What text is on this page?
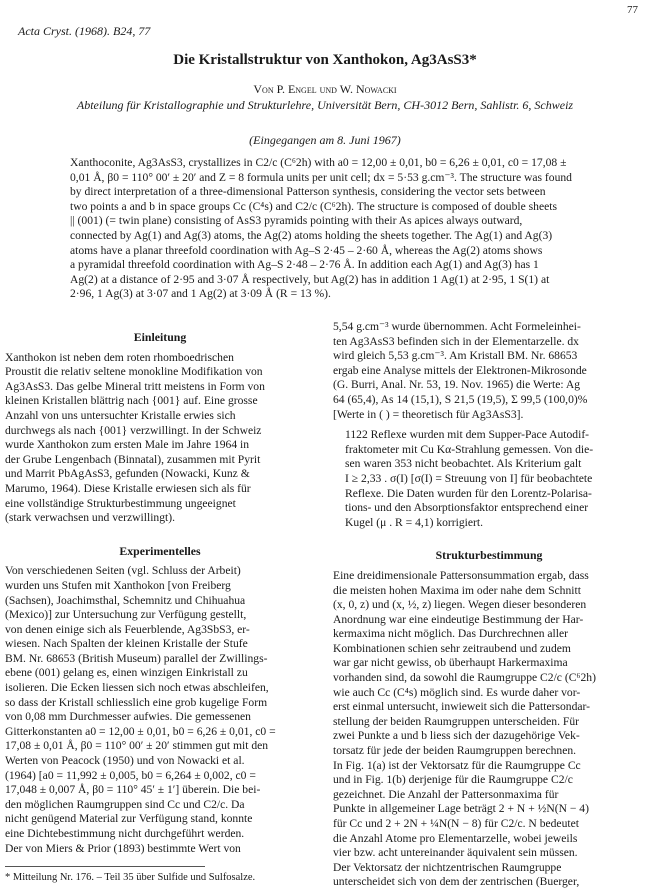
77
Acta Cryst. (1968). B24, 77
Die Kristallstruktur von Xanthokon, Ag3AsS3*
Von P. Engel und W. Nowacki
Abteilung für Kristallographie und Strukturlehre, Universität Bern, CH-3012 Bern, Sahlistr. 6, Schweiz
(Eingegangen am 8. Juni 1967)
Xanthoconite, Ag3AsS3, crystallizes in C2/c (C⁶2h) with a0 = 12,00 ± 0,01, b0 = 6,26 ± 0,01, c0 = 17,08 ±
0,01 Å, β0 = 110° 00′ ± 20′ and Z = 8 formula units per unit cell; dx = 5·53 g.cm⁻³. The structure was found
by direct interpretation of a three-dimensional Patterson synthesis, considering the vector sets between
two points a and b in space groups Cc (C⁴s) and C2/c (C⁶2h). The structure is composed of double sheets
|| (001) (= twin plane) consisting of AsS3 pyramids pointing with their As apices always outward,
connected by Ag(1) and Ag(3) atoms, the Ag(2) atoms holding the sheets together. The Ag(1) and Ag(3)
atoms have a planar threefold coordination with Ag–S 2·45 – 2·60 Å, whereas the Ag(2) atoms shows
a pyramidal threefold coordination with Ag–S 2·48 – 2·76 Å. In addition each Ag(1) and Ag(3) has 1
Ag(2) at a distance of 2·95 and 3·07 Å respectively, but Ag(2) has in addition 1 Ag(1) at 2·95, 1 S(1) at
2·96, 1 Ag(3) at 3·07 and 1 Ag(2) at 3·09 Å (R = 13 %).
Einleitung
Xanthokon ist neben dem roten rhomboedrischen
Proustit die relativ seltene monokline Modifikation von
Ag3AsS3. Das gelbe Mineral tritt meistens in Form von
kleinen Kristallen blättrig nach {001} auf. Eine grosse
Anzahl von uns untersuchter Kristalle erwies sich
durchwegs als nach {001} verzwillingt. In der Schweiz
wurde Xanthokon zum ersten Male im Jahre 1964 in
der Grube Lengenbach (Binnatal), zusammen mit Pyrit
und Marrit PbAgAsS3, gefunden (Nowacki, Kunz &
Marumo, 1964). Diese Kristalle erwiesen sich als für
eine vollständige Strukturbestimmung ungeeignet
(stark verwachsen und verzwillingt).
Experimentelles
Von verschiedenen Seiten (vgl. Schluss der Arbeit)
wurden uns Stufen mit Xanthokon [von Freiberg
(Sachsen), Joachimsthal, Schemnitz und Chihuahua
(Mexico)] zur Untersuchung zur Verfügung gestellt,
von denen einige sich als Feuerblende, Ag3SbS3, er-
wiesen. Nach Spalten der kleinen Kristalle der Stufe
BM. Nr. 68653 (British Museum) parallel der Zwillings-
ebene (001) gelang es, einen winzigen Einkristall zu
isolieren. Die Ecken liessen sich noch etwas abschleifen,
so dass der Kristall schliesslich eine grob kugelige Form
von 0,08 mm Durchmesser aufwies. Die gemessenen
Gitterkonstanten a0 = 12,00 ± 0,01, b0 = 6,26 ± 0,01, c0 =
17,08 ± 0,01 Å, β0 = 110° 00′ ± 20′ stimmen gut mit den
Werten von Peacock (1950) und von Nowacki et al.
(1964) [a0 = 11,992 ± 0,005, b0 = 6,264 ± 0,002, c0 =
17,048 ± 0,007 Å, β0 = 110° 45′ ± 1′] überein. Die bei-
den möglichen Raumgruppen sind Cc und C2/c. Da
nicht genügend Material zur Verfügung stand, konnte
eine Dichtebestimmung nicht durchgeführt werden.
Der von Miers & Prior (1893) bestimmte Wert von
5,54 g.cm⁻³ wurde übernommen. Acht Formeleinhei-
ten Ag3AsS3 befinden sich in der Elementarzelle. dx
wird gleich 5,53 g.cm⁻³. Am Kristall BM. Nr. 68653
ergab eine Analyse mittels der Elektronen-Mikrosonde
(G. Burri, Anal. Nr. 53, 19. Nov. 1965) die Werte: Ag
64 (65,4), As 14 (15,1), S 21,5 (19,5), Σ 99,5 (100,0)%
[Werte in ( ) = theoretisch für Ag3AsS3].
1122 Reflexe wurden mit dem Supper-Pace Autodif-
fraktometer mit Cu Kα-Strahlung gemessen. Von die-
sen waren 353 nicht beobachtet. Als Kriterium galt
I ≥ 2,33 . σ(I) [σ(I) = Streuung von I] für beobachtete
Reflexe. Die Daten wurden für den Lorentz-Polarisa-
tions- und den Absorptionsfaktor entsprechend einer
Kugel (μ . R = 4,1) korrigiert.
Strukturbestimmung
Eine dreidimensionale Pattersonsummation ergab, dass
die meisten hohen Maxima im oder nahe dem Schnitt
(x, 0, z) und (x, ½, z) liegen. Wegen dieser besonderen
Anordnung war eine eindeutige Bestimmung der Har-
kermaxima nicht möglich. Das Durchrechnen aller
Kombinationen schien sehr zeitraubend und zudem
war gar nicht gewiss, ob überhaupt Harkermaxima
vorhanden sind, da sowohl die Raumgruppe C2/c (C⁶2h)
wie auch Cc (C⁴s) möglich sind. Es wurde daher vor-
erst einmal untersucht, inwieweit sich die Pattersondar-
stellung der beiden Raumgruppen unterscheiden. Für
zwei Punkte a und b liess sich der dazugehörige Vek-
torsatz für jede der beiden Raumgruppen berechnen.
In Fig. 1(a) ist der Vektorsatz für die Raumgruppe Cc
und in Fig. 1(b) derjenige für die Raumgruppe C2/c
gezeichnet. Die Anzahl der Pattersonmaxima für
Punkte in allgemeiner Lage beträgt 2 + N + ½N(N − 4)
für Cc und 2 + 2N + ¼N(N − 8) für C2/c. N bedeutet
die Anzahl Atome pro Elementarzelle, wobei jeweils
vier bzw. acht untereinander äquivalent sein müssen.
Der Vektorsatz der nichtzentrischen Raumgruppe
unterscheidet sich von dem der zentrischen (Buerger,
* Mitteilung Nr. 176. – Teil 35 über Sulfide und Sulfosalze.
